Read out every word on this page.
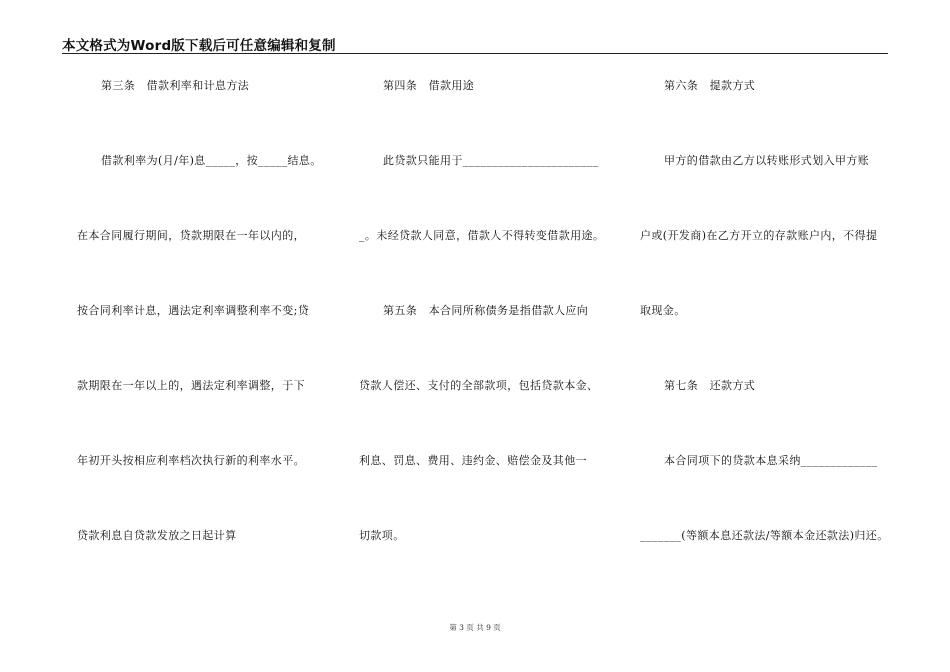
本文格式为Word版下载后可任意编辑和复制
第三条　借款利率和计息方法
借款利率为(月/年)息_____，按_____结息。
在本合同履行期间，贷款期限在一年以内的，
按合同利率计息，遇法定利率调整利率不变;贷
款期限在一年以上的，遇法定利率调整，于下
年初开头按相应利率档次执行新的利率水平。
贷款利息自贷款发放之日起计算
第四条　借款用途
此贷款只能用于_______________________
_。未经贷款人同意，借款人不得转变借款用途。
第五条　本合同所称债务是指借款人应向
贷款人偿还、支付的全部款项，包括贷款本金、
利息、罚息、费用、违约金、赔偿金及其他一
切款项。
第六条　提款方式
甲方的借款由乙方以转账形式划入甲方账
户或(开发商)在乙方开立的存款账户内，不得提
取现金。
第七条　还款方式
本合同项下的贷款本息采纳_____________
_______(等额本息还款法/等额本金还款法)归还。
第 3 页 共 9 页
